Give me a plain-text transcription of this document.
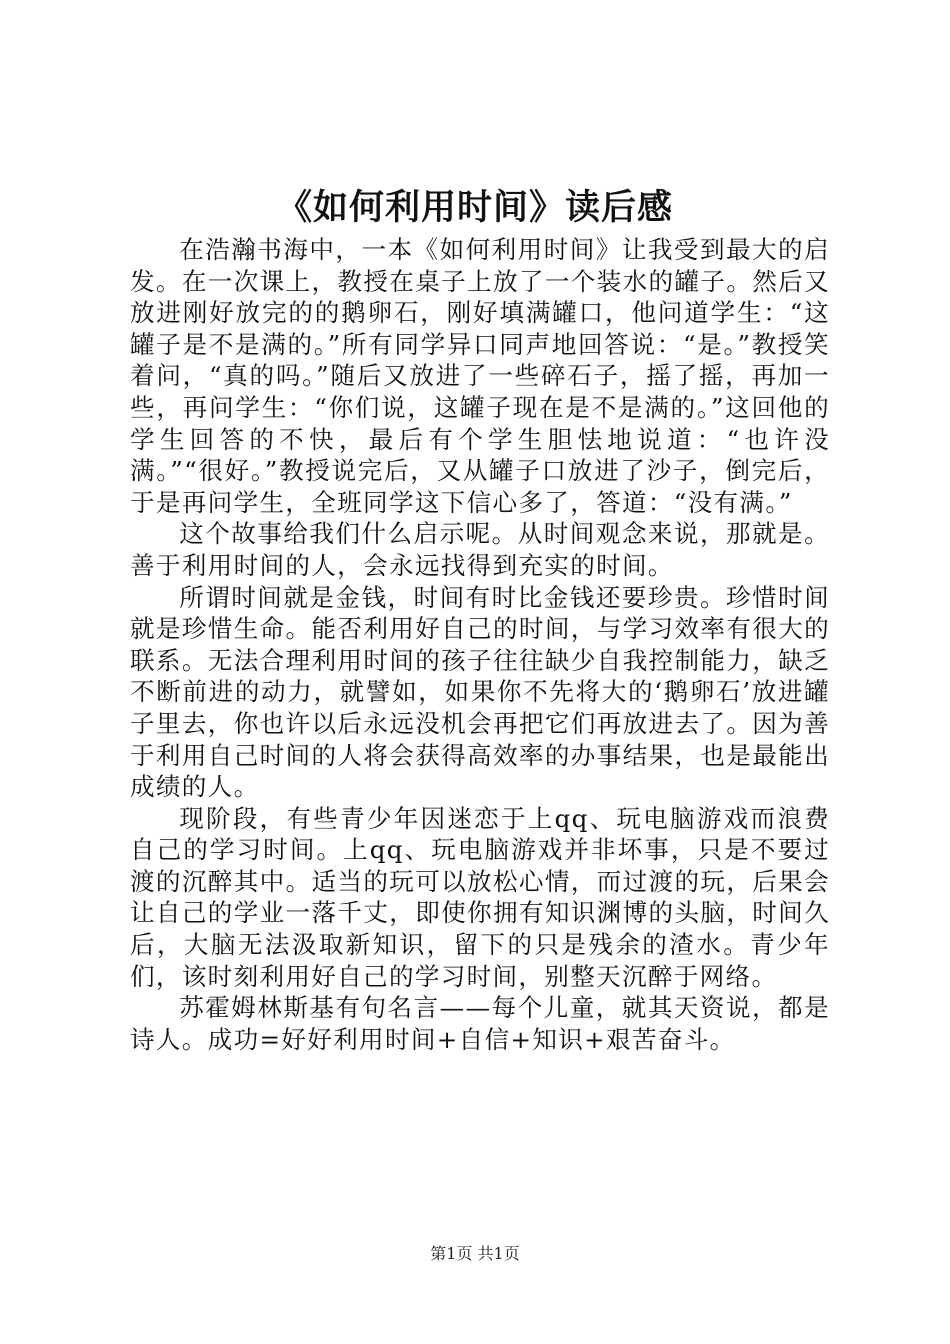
《如何利用时间》读后感

在浩瀚书海中，一本《如何利用时间》让我受到最大的启发。在一次课上，教授在桌子上放了一个装水的罐子。然后又放进刚好放完的的鹅卵石，刚好填满罐口，他问道学生：“这罐子是不是满的。”所有同学异口同声地回答说：“是。”教授笑着问，“真的吗。”随后又放进了一些碎石子，摇了摇，再加一些，再问学生：“你们说，这罐子现在是不是满的。”这回他的学生回答的不快，最后有个学生胆怯地说道：“也许没满。”“很好。”教授说完后，又从罐子口放进了沙子，倒完后，于是再问学生，全班同学这下信心多了，答道：“没有满。”

这个故事给我们什么启示呢。从时间观念来说，那就是。善于利用时间的人，会永远找得到充实的时间。

所谓时间就是金钱，时间有时比金钱还要珍贵。珍惜时间就是珍惜生命。能否利用好自己的时间，与学习效率有很大的联系。无法合理利用时间的孩子往往缺少自我控制能力，缺乏不断前进的动力，就譬如，如果你不先将大的‘鹅卵石’放进罐子里去，你也许以后永远没机会再把它们再放进去了。因为善于利用自己时间的人将会获得高效率的办事结果，也是最能出成绩的人。

现阶段，有些青少年因迷恋于上qq、玩电脑游戏而浪费自己的学习时间。上qq、玩电脑游戏并非坏事，只是不要过渡的沉醉其中。适当的玩可以放松心情，而过渡的玩，后果会让自己的学业一落千丈，即使你拥有知识渊博的头脑，时间久后，大脑无法汲取新知识，留下的只是残余的渣水。青少年们，该时刻利用好自己的学习时间，别整天沉醉于网络。

苏霍姆林斯基有句名言——每个儿童，就其天资说，都是诗人。成功=好好利用时间+自信+知识+艰苦奋斗。

第1页 共1页
